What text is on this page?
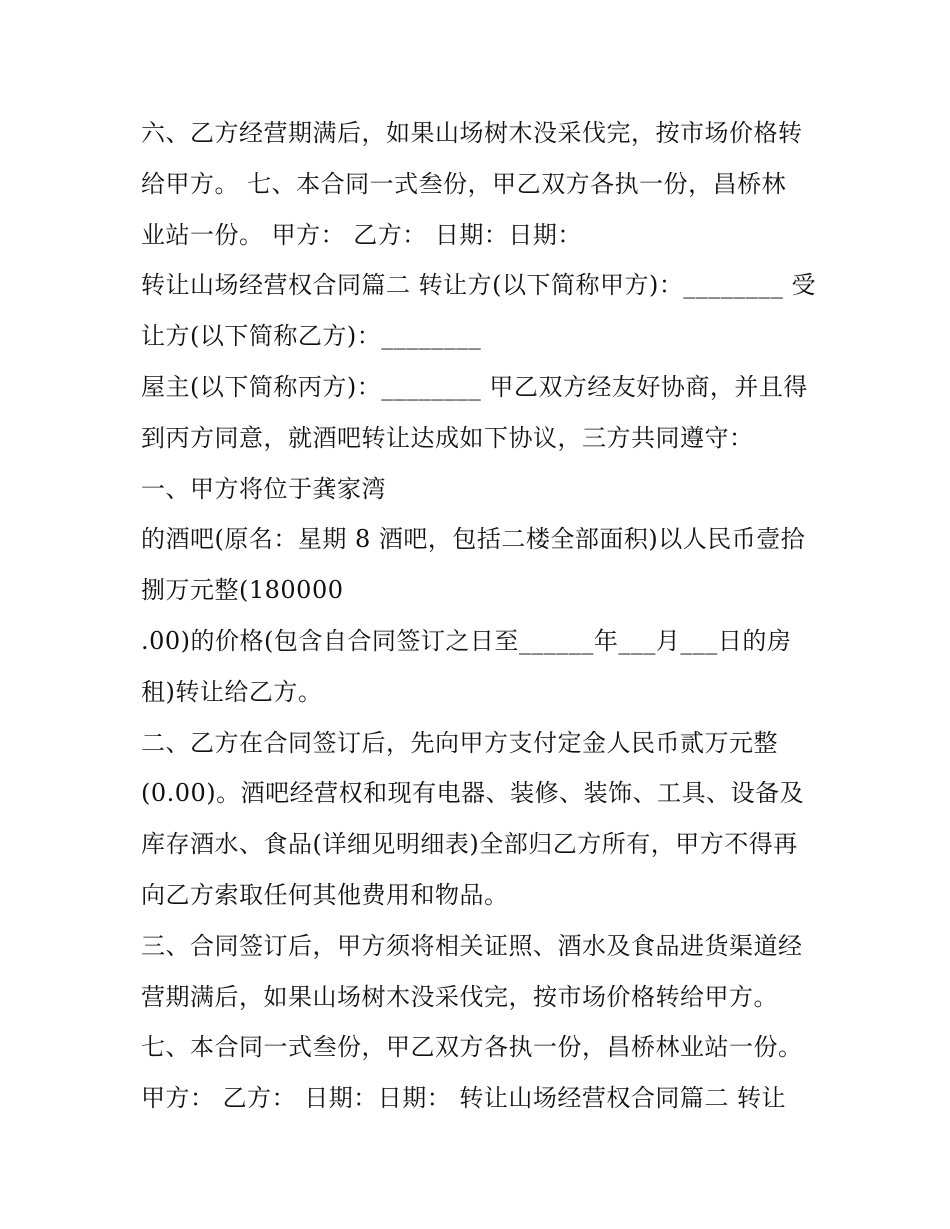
六、乙方经营期满后，如果山场树木没采伐完，按市场价格转
给甲方。 七、本合同一式叁份，甲乙双方各执一份，昌桥林
业站一份。 甲方： 乙方： 日期：日期：
转让山场经营权合同篇二 转让方(以下简称甲方)：________ 受
让方(以下简称乙方)：________
屋主(以下简称丙方)：________ 甲乙双方经友好协商，并且得
到丙方同意，就酒吧转让达成如下协议，三方共同遵守：
一、甲方将位于龚家湾
的酒吧(原名：星期 8 酒吧，包括二楼全部面积)以人民币壹拾
捌万元整(180000
.00)的价格(包含自合同签订之日至______年___月___日的房
租)转让给乙方。
二、乙方在合同签订后，先向甲方支付定金人民币贰万元整
(0.00)。酒吧经营权和现有电器、装修、装饰、工具、设备及
库存酒水、食品(详细见明细表)全部归乙方所有，甲方不得再
向乙方索取任何其他费用和物品。
三、合同签订后，甲方须将相关证照、酒水及食品进货渠道经
营期满后，如果山场树木没采伐完，按市场价格转给甲方。
七、本合同一式叁份，甲乙双方各执一份，昌桥林业站一份。
甲方： 乙方： 日期：日期： 转让山场经营权合同篇二 转让
